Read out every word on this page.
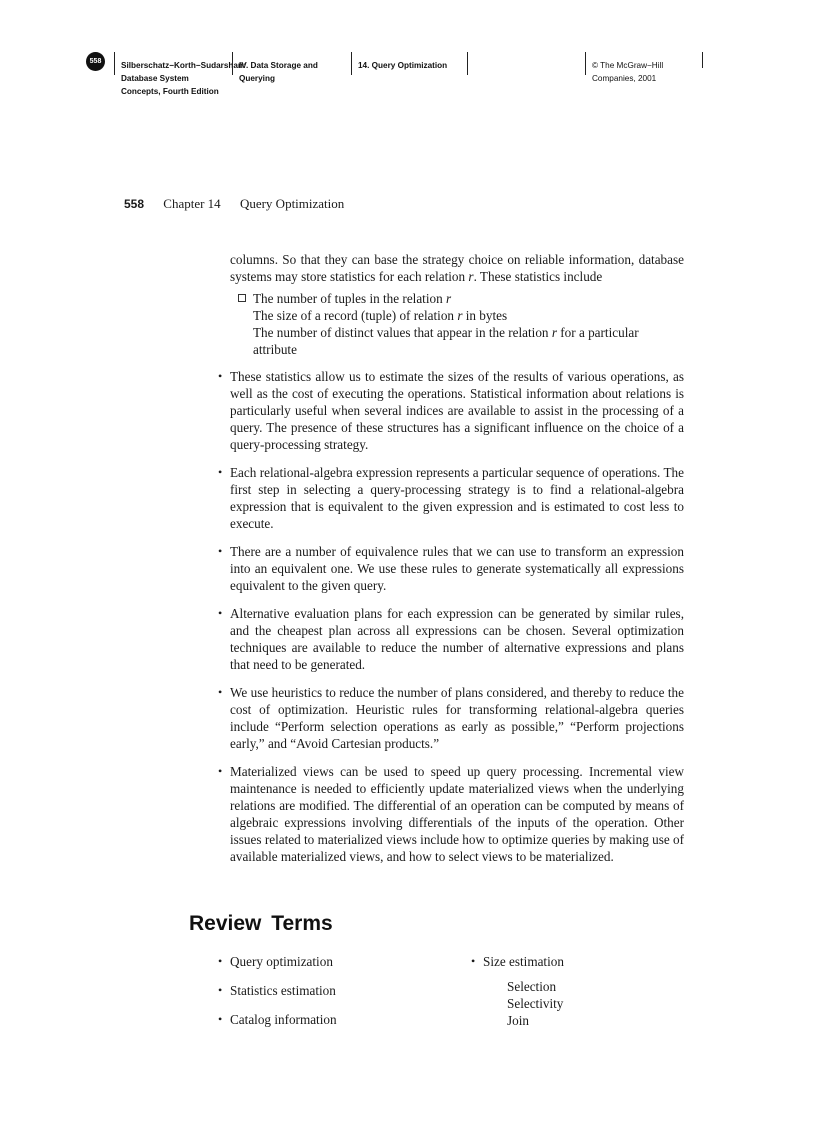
558	Silberschatz−Korth−Sudarshan:
Database System
Concepts, Fourth Edition
IV. Data Storage and
Querying
14. Query Optimization	© The McGraw−Hill
Companies, 2001
558 Chapter 14 Query Optimization

columns. So that they can base the strategy choice on reliable information, database systems may store statistics for each relation r. These statistics include

The number of tuples in the relation r
The size of a record (tuple) of relation r in bytes
The number of distinct values that appear in the relation r for a particular attribute
• These statistics allow us to estimate the sizes of the results of various operations, as well as the cost of executing the operations. Statistical information about relations is particularly useful when several indices are available to assist in the processing of a query. The presence of these structures has a significant influence on the choice of a query-processing strategy.
• Each relational-algebra expression represents a particular sequence of operations. The first step in selecting a query-processing strategy is to find a relational-algebra expression that is equivalent to the given expression and is estimated to cost less to execute.
• There are a number of equivalence rules that we can use to transform an expression into an equivalent one. We use these rules to generate systematically all expressions equivalent to the given query.
• Alternative evaluation plans for each expression can be generated by similar rules, and the cheapest plan across all expressions can be chosen. Several optimization techniques are available to reduce the number of alternative expressions and plans that need to be generated.
• We use heuristics to reduce the number of plans considered, and thereby to reduce the cost of optimization. Heuristic rules for transforming relational-algebra queries include “Perform selection operations as early as possible,” “Perform projections early,” and “Avoid Cartesian products.”
• Materialized views can be used to speed up query processing. Incremental view maintenance is needed to efficiently update materialized views when the underlying relations are modified. The differential of an operation can be computed by means of algebraic expressions involving differentials of the inputs of the operation. Other issues related to materialized views include how to optimize queries by making use of available materialized views, and how to select views to be materialized.
Review Terms
• Query optimization
• Statistics estimation
• Catalog information
• Size estimation
Selection
Selectivity
Join
